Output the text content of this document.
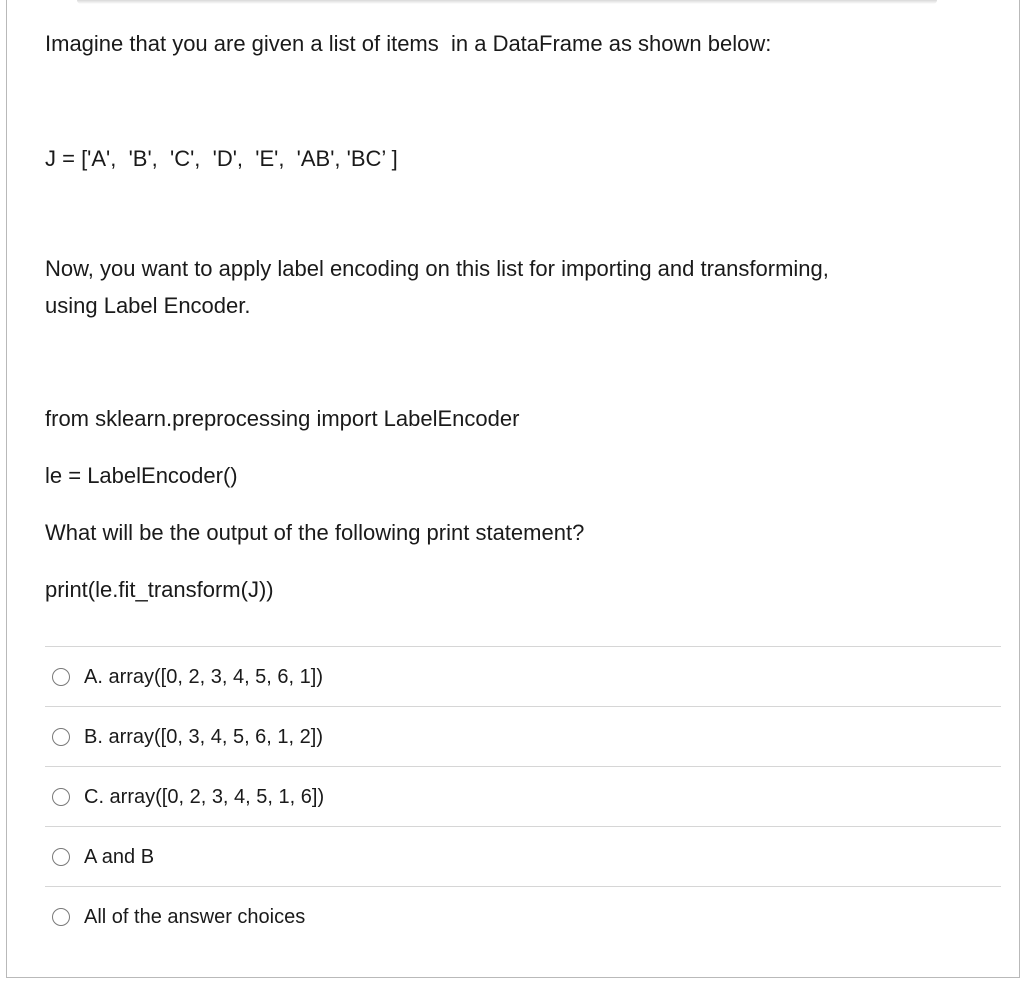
Imagine that you are given a list of items  in a DataFrame as shown below:
J = ['A',  'B',  'C',  'D',  'E',  'AB', 'BC’ ]
Now, you want to apply label encoding on this list for importing and transforming,
using Label Encoder.
from sklearn.preprocessing import LabelEncoder
le = LabelEncoder()
What will be the output of the following print statement?
print(le.fit_transform(J))
A. array([0, 2, 3, 4, 5, 6, 1])
B. array([0, 3, 4, 5, 6, 1, 2])
C. array([0, 2, 3, 4, 5, 1, 6])
A and B
All of the answer choices
